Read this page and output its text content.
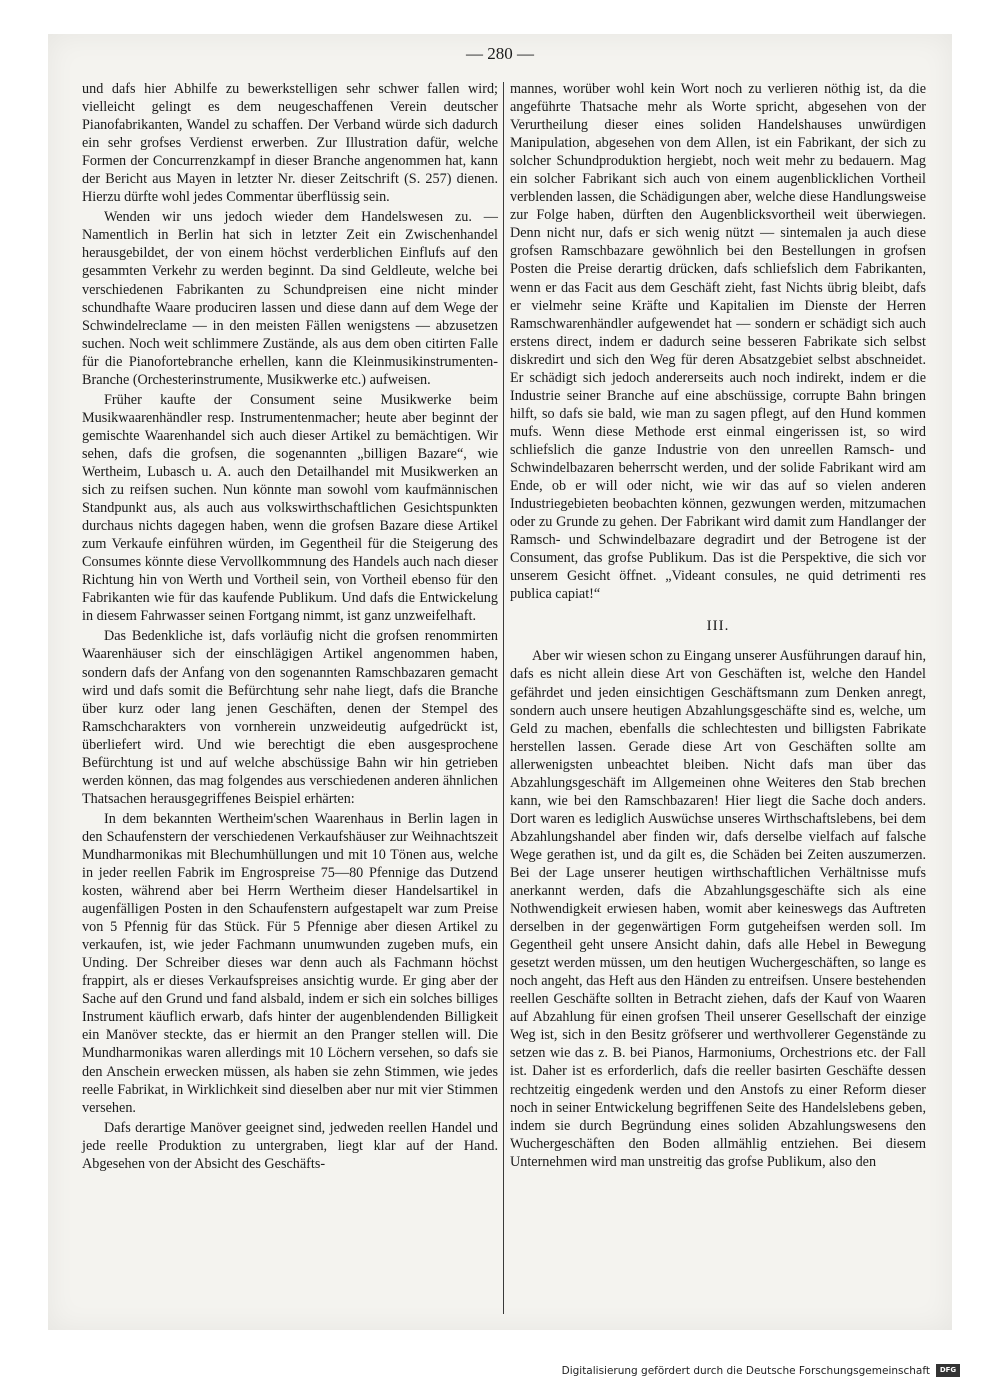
— 280 —

und dafs hier Abhilfe zu bewerkstelligen sehr schwer fallen wird; vielleicht gelingt es dem neugeschaffenen Verein deutscher Pianofabrikanten, Wandel zu schaffen. Der Verband würde sich dadurch ein sehr grofses Verdienst erwerben. Zur Illustration dafür, welche Formen der Concurrenzkampf in dieser Branche angenommen hat, kann der Bericht aus Mayen in letzter Nr. dieser Zeitschrift (S. 257) dienen. Hierzu dürfte wohl jedes Commentar überflüssig sein.

Wenden wir uns jedoch wieder dem Handelswesen zu. — Namentlich in Berlin hat sich in letzter Zeit ein Zwischenhandel herausgebildet, der von einem höchst verderblichen Einflufs auf den gesammten Verkehr zu werden beginnt. Da sind Geldleute, welche bei verschiedenen Fabrikanten zu Schundpreisen eine nicht minder schundhafte Waare produciren lassen und diese dann auf dem Wege der Schwindelreclame — in den meisten Fällen wenigstens — abzusetzen suchen. Noch weit schlimmere Zustände, als aus dem oben citirten Falle für die Pianofortebranche erhellen, kann die Kleinmusikinstrumenten-Branche (Orchesterinstrumente, Musikwerke etc.) aufweisen.

Früher kaufte der Consument seine Musikwerke beim Musikwaarenhändler resp. Instrumentenmacher; heute aber beginnt der gemischte Waarenhandel sich auch dieser Artikel zu bemächtigen. Wir sehen, dafs die grofsen, die sogenannten „billigen Bazare“, wie Wertheim, Lubasch u. A. auch den Detailhandel mit Musikwerken an sich zu reifsen suchen. Nun könnte man sowohl vom kaufmännischen Standpunkt aus, als auch aus volkswirthschaftlichen Gesichtspunkten durchaus nichts dagegen haben, wenn die grofsen Bazare diese Artikel zum Verkaufe einführen würden, im Gegentheil für die Steigerung des Consumes könnte diese Vervollkommnung des Handels auch nach dieser Richtung hin von Werth und Vortheil sein, von Vortheil ebenso für den Fabrikanten wie für das kaufende Publikum. Und dafs die Entwickelung in diesem Fahrwasser seinen Fortgang nimmt, ist ganz unzweifelhaft.

Das Bedenkliche ist, dafs vorläufig nicht die grofsen renommirten Waarenhäuser sich der einschlägigen Artikel angenommen haben, sondern dafs der Anfang von den sogenannten Ramschbazaren gemacht wird und dafs somit die Befürchtung sehr nahe liegt, dafs die Branche über kurz oder lang jenen Geschäften, denen der Stempel des Ramschcharakters von vornherein unzweideutig aufgedrückt ist, überliefert wird. Und wie berechtigt die eben ausgesprochene Befürchtung ist und auf welche abschüssige Bahn wir hin getrieben werden können, das mag folgendes aus verschiedenen anderen ähnlichen Thatsachen herausgegriffenes Beispiel erhärten:

In dem bekannten Wertheim'schen Waarenhaus in Berlin lagen in den Schaufenstern der verschiedenen Verkaufshäuser zur Weihnachtszeit Mundharmonikas mit Blechumhüllungen und mit 10 Tönen aus, welche in jeder reellen Fabrik im Engrospreise 75—80 Pfennige das Dutzend kosten, während aber bei Herrn Wertheim dieser Handelsartikel in augenfälligen Posten in den Schaufenstern aufgestapelt war zum Preise von 5 Pfennig für das Stück. Für 5 Pfennige aber diesen Artikel zu verkaufen, ist, wie jeder Fachmann unumwunden zugeben mufs, ein Unding. Der Schreiber dieses war denn auch als Fachmann höchst frappirt, als er dieses Verkaufspreises ansichtig wurde. Er ging aber der Sache auf den Grund und fand alsbald, indem er sich ein solches billiges Instrument käuflich erwarb, dafs hinter der augenblendenden Billigkeit ein Manöver steckte, das er hiermit an den Pranger stellen will. Die Mundharmonikas waren allerdings mit 10 Löchern versehen, so dafs sie den Anschein erwecken müssen, als haben sie zehn Stimmen, wie jedes reelle Fabrikat, in Wirklichkeit sind dieselben aber nur mit vier Stimmen versehen.

Dafs derartige Manöver geeignet sind, jedweden reellen Handel und jede reelle Produktion zu untergraben, liegt klar auf der Hand. Abgesehen von der Absicht des Geschäfts-

mannes, worüber wohl kein Wort noch zu verlieren nöthig ist, da die angeführte Thatsache mehr als Worte spricht, abgesehen von der Verurtheilung dieser eines soliden Handelshauses unwürdigen Manipulation, abgesehen von dem Allen, ist ein Fabrikant, der sich zu solcher Schundproduktion hergiebt, noch weit mehr zu bedauern. Mag ein solcher Fabrikant sich auch von einem augenblicklichen Vortheil verblenden lassen, die Schädigungen aber, welche diese Handlungsweise zur Folge haben, dürften den Augenblicksvortheil weit überwiegen. Denn nicht nur, dafs er sich wenig nützt — sintemalen ja auch diese grofsen Ramschbazare gewöhnlich bei den Bestellungen in grofsen Posten die Preise derartig drücken, dafs schliefslich dem Fabrikanten, wenn er das Facit aus dem Geschäft zieht, fast Nichts übrig bleibt, dafs er vielmehr seine Kräfte und Kapitalien im Dienste der Herren Ramschwarenhändler aufgewendet hat — sondern er schädigt sich auch erstens direct, indem er dadurch seine besseren Fabrikate sich selbst diskredirt und sich den Weg für deren Absatzgebiet selbst abschneidet. Er schädigt sich jedoch andererseits auch noch indirekt, indem er die Industrie seiner Branche auf eine abschüssige, corrupte Bahn bringen hilft, so dafs sie bald, wie man zu sagen pflegt, auf den Hund kommen mufs. Wenn diese Methode erst einmal eingerissen ist, so wird schliefslich die ganze Industrie von den unreellen Ramsch- und Schwindelbazaren beherrscht werden, und der solide Fabrikant wird am Ende, ob er will oder nicht, wie wir das auf so vielen anderen Industriegebieten beobachten können, gezwungen werden, mitzumachen oder zu Grunde zu gehen. Der Fabrikant wird damit zum Handlanger der Ramsch- und Schwindelbazare degradirt und der Betrogene ist der Consument, das grofse Publikum. Das ist die Perspektive, die sich vor unserem Gesicht öffnet. „Videant consules, ne quid detrimenti res publica capiat!“

III.

Aber wir wiesen schon zu Eingang unserer Ausführungen darauf hin, dafs es nicht allein diese Art von Geschäften ist, welche den Handel gefährdet und jeden einsichtigen Geschäftsmann zum Denken anregt, sondern auch unsere heutigen Abzahlungsgeschäfte sind es, welche, um Geld zu machen, ebenfalls die schlechtesten und billigsten Fabrikate herstellen lassen. Gerade diese Art von Geschäften sollte am allerwenigsten unbeachtet bleiben. Nicht dafs man über das Abzahlungsgeschäft im Allgemeinen ohne Weiteres den Stab brechen kann, wie bei den Ramschbazaren! Hier liegt die Sache doch anders. Dort waren es lediglich Auswüchse unseres Wirthschaftslebens, bei dem Abzahlungshandel aber finden wir, dafs derselbe vielfach auf falsche Wege gerathen ist, und da gilt es, die Schäden bei Zeiten auszumerzen. Bei der Lage unserer heutigen wirthschaftlichen Verhältnisse mufs anerkannt werden, dafs die Abzahlungsgeschäfte sich als eine Nothwendigkeit erwiesen haben, womit aber keineswegs das Auftreten derselben in der gegenwärtigen Form gutgeheifsen werden soll. Im Gegentheil geht unsere Ansicht dahin, dafs alle Hebel in Bewegung gesetzt werden müssen, um den heutigen Wuchergeschäften, so lange es noch angeht, das Heft aus den Händen zu entreifsen. Unsere bestehenden reellen Geschäfte sollten in Betracht ziehen, dafs der Kauf von Waaren auf Abzahlung für einen grofsen Theil unserer Gesellschaft der einzige Weg ist, sich in den Besitz gröfserer und werthvollerer Gegenstände zu setzen wie das z. B. bei Pianos, Harmoniums, Orchestrions etc. der Fall ist. Daher ist es erforderlich, dafs die reeller basirten Geschäfte dessen rechtzeitig eingedenk werden und den Anstofs zu einer Reform dieser noch in seiner Entwickelung begriffenen Seite des Handelslebens geben, indem sie durch Begründung eines soliden Abzahlungswesens den Wuchergeschäften den Boden allmählig entziehen. Bei diesem Unternehmen wird man unstreitig das grofse Publikum, also den

Digitalisierung gefördert durch die Deutsche Forschungsgemeinschaft	DFG
